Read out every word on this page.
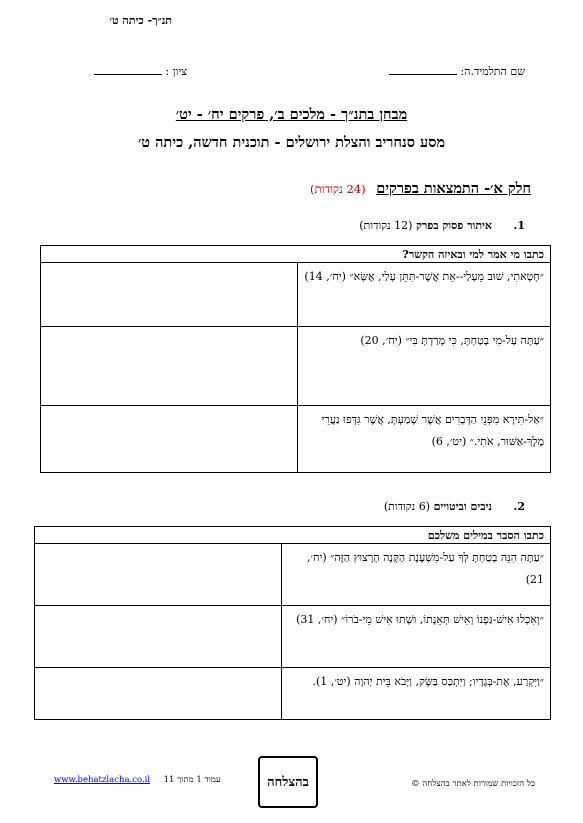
תנ״ך- כיתה ט׳
שם התלמיד.ה:
ציון :
מבחן בתנ״ך - מלכים ב׳, פרקים יח׳ - יט׳
מסע סנחריב והצלת ירושלים - תוכנית חדשה, כיתה ט׳
חלק א׳- התמצאות בפרקים (24 נקודות)
1. איתור פסוק בפרק (12 נקודות)
כתבו מי אמר למי ובאיזה הקשר?	

״חָטָאתִי, שׁוּב מֵעָלַי--אֵת אֲשֶׁר-תִּתֵּן עָלַי, אֶשָּׂא״ (יח׳, 14)	

״עַתָּה עַל-מִי בָטַחְתָּ, כִּי מָרַדְתָּ בִּי״ (יח׳, 20)	

״אַל-תִּירָא מִפְּנֵי הַדְּבָרִים אֲשֶׁר שָׁמַעְתָּ, אֲשֶׁר גִּדְּפוּ נַעֲרֵי מֶלֶךְ-אַשּׁוּר, אֹתִי.״ (יט׳, 6)	

2. ניבים וביטויים (6 נקודות)
כתבו הסבר במילים משלכם	

״עַתָּה הִנֵּה בָטַחְתָּ לְּךָ עַל-מִשְׁעֶנֶת הַקָּנֶה הָרָצוּץ הַזֶּה״ (יח׳, 21)	

״וְאִכְלוּ אִישׁ-גַּפְנוֹ וְאִישׁ תְּאֵנָתוֹ, וּשְׁתוּ אִישׁ מֵי-בֹרוֹ״ (יח׳, 31)	

״וַיִּקְרַע, אֶת-בְּגָדָיו; וַיִּתְכַּס בַּשָּׂק, וַיָּבֹא בֵּית יְהוָה (יט׳, 1).	

עמוד 1 מתוך 11     www.behatzlacha.co.il	בהצלחה	כל הזכויות שמורות לאתר בהצלחה ©
